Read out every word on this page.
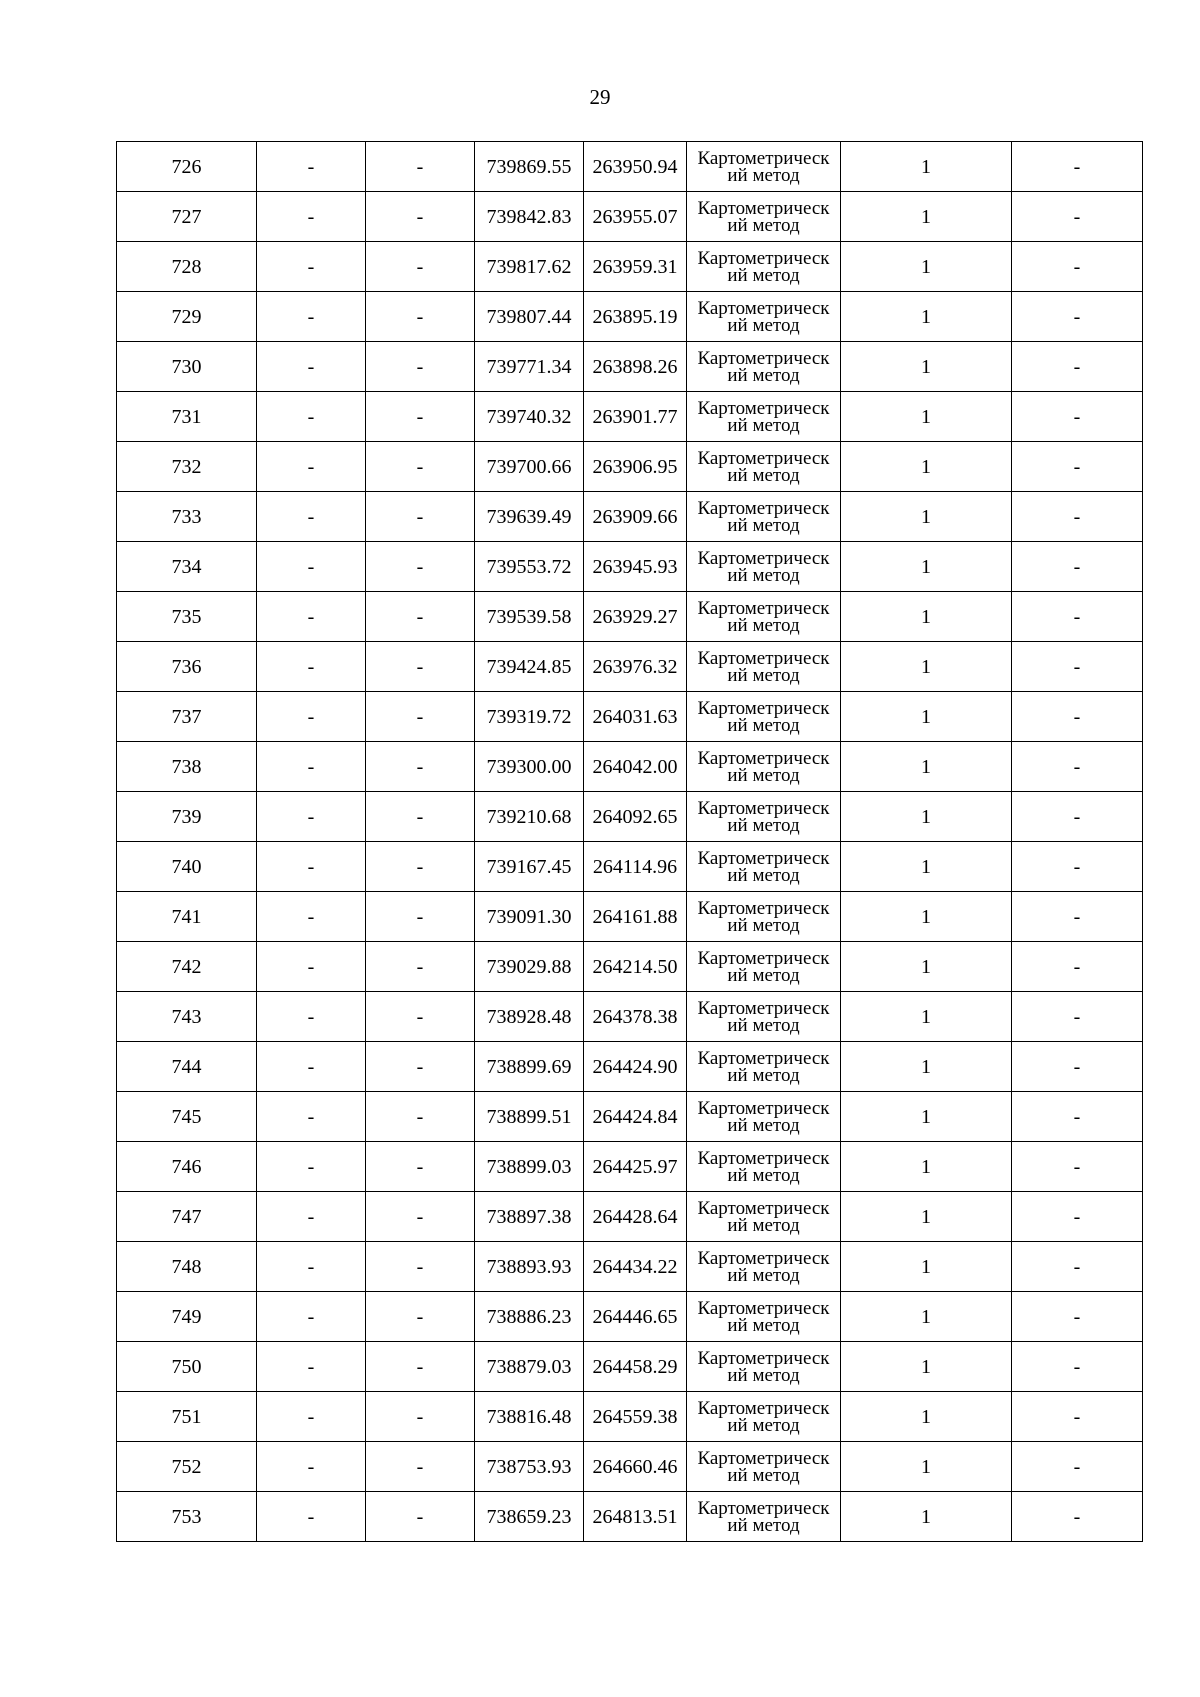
29
726	-	-	739869.55	263950.94	Картометрический метод	1	-
727	-	-	739842.83	263955.07	Картометрический метод	1	-
728	-	-	739817.62	263959.31	Картометрический метод	1	-
729	-	-	739807.44	263895.19	Картометрический метод	1	-
730	-	-	739771.34	263898.26	Картометрический метод	1	-
731	-	-	739740.32	263901.77	Картометрический метод	1	-
732	-	-	739700.66	263906.95	Картометрический метод	1	-
733	-	-	739639.49	263909.66	Картометрический метод	1	-
734	-	-	739553.72	263945.93	Картометрический метод	1	-
735	-	-	739539.58	263929.27	Картометрический метод	1	-
736	-	-	739424.85	263976.32	Картометрический метод	1	-
737	-	-	739319.72	264031.63	Картометрический метод	1	-
738	-	-	739300.00	264042.00	Картометрический метод	1	-
739	-	-	739210.68	264092.65	Картометрический метод	1	-
740	-	-	739167.45	264114.96	Картометрический метод	1	-
741	-	-	739091.30	264161.88	Картометрический метод	1	-
742	-	-	739029.88	264214.50	Картометрический метод	1	-
743	-	-	738928.48	264378.38	Картометрический метод	1	-
744	-	-	738899.69	264424.90	Картометрический метод	1	-
745	-	-	738899.51	264424.84	Картометрический метод	1	-
746	-	-	738899.03	264425.97	Картометрический метод	1	-
747	-	-	738897.38	264428.64	Картометрический метод	1	-
748	-	-	738893.93	264434.22	Картометрический метод	1	-
749	-	-	738886.23	264446.65	Картометрический метод	1	-
750	-	-	738879.03	264458.29	Картометрический метод	1	-
751	-	-	738816.48	264559.38	Картометрический метод	1	-
752	-	-	738753.93	264660.46	Картометрический метод	1	-
753	-	-	738659.23	264813.51	Картометрический метод	1	-
